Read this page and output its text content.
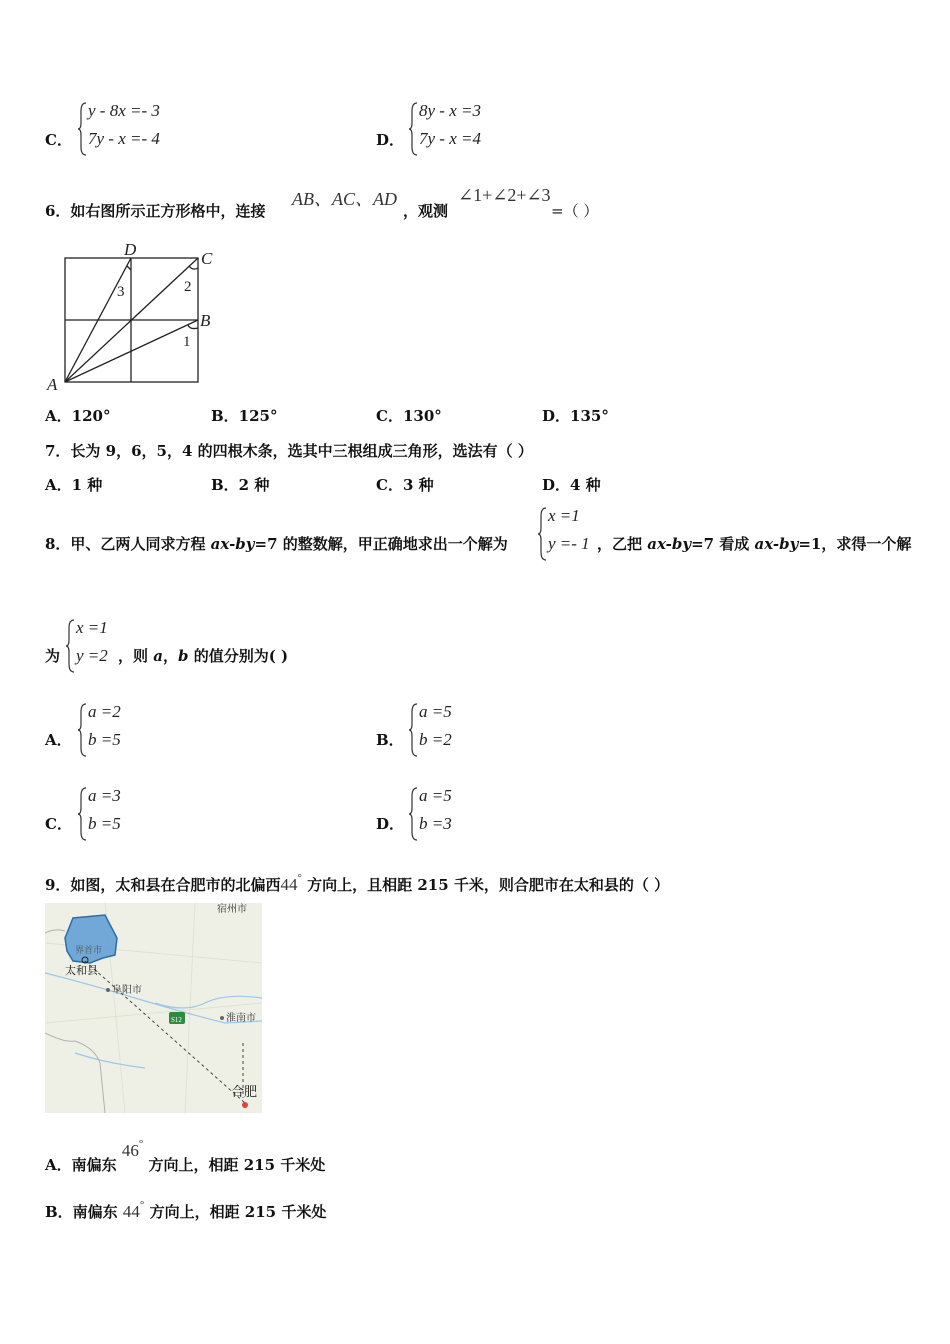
C．
y - 8x =- 3
7y - x =- 4	D．
8y - x =3
7y - x =4
6．如右图所示正方形格中，连接
AB、AC、AD
，观测
∠1+∠2+∠3
=（ ）
A
B
C
D
1
2
3
A．120°	B．125°	C．130°	D．135°
7．长为 9，6，5，4 的四根木条，选其中三根组成三角形，选法有（ ）
A．1 种	B．2 种	C．3 种	D．4 种
8．甲、乙两人同求方程 ax-by=7 的整数解，甲正确地求出一个解为
x =1
y =- 1 ，乙把 ax-by=7 看成 ax-by=1，求得一个解
为
x =1
y =2 ，则 a，b 的值分别为( )
A．
a =2
b =5	B．
a =5
b =2
C．
a =3
b =5	D．
a =5
b =3
9．如图，太和县在合肥市的北偏西44° 方向上，且相距 215 千米，则合肥市在太和县的（ ）
宿州市
界首市
太和县
阜阳市
淮南市
合肥
S12
A．南偏东 46° 方向上，相距 215 千米处
B．南偏东 44° 方向上，相距 215 千米处
